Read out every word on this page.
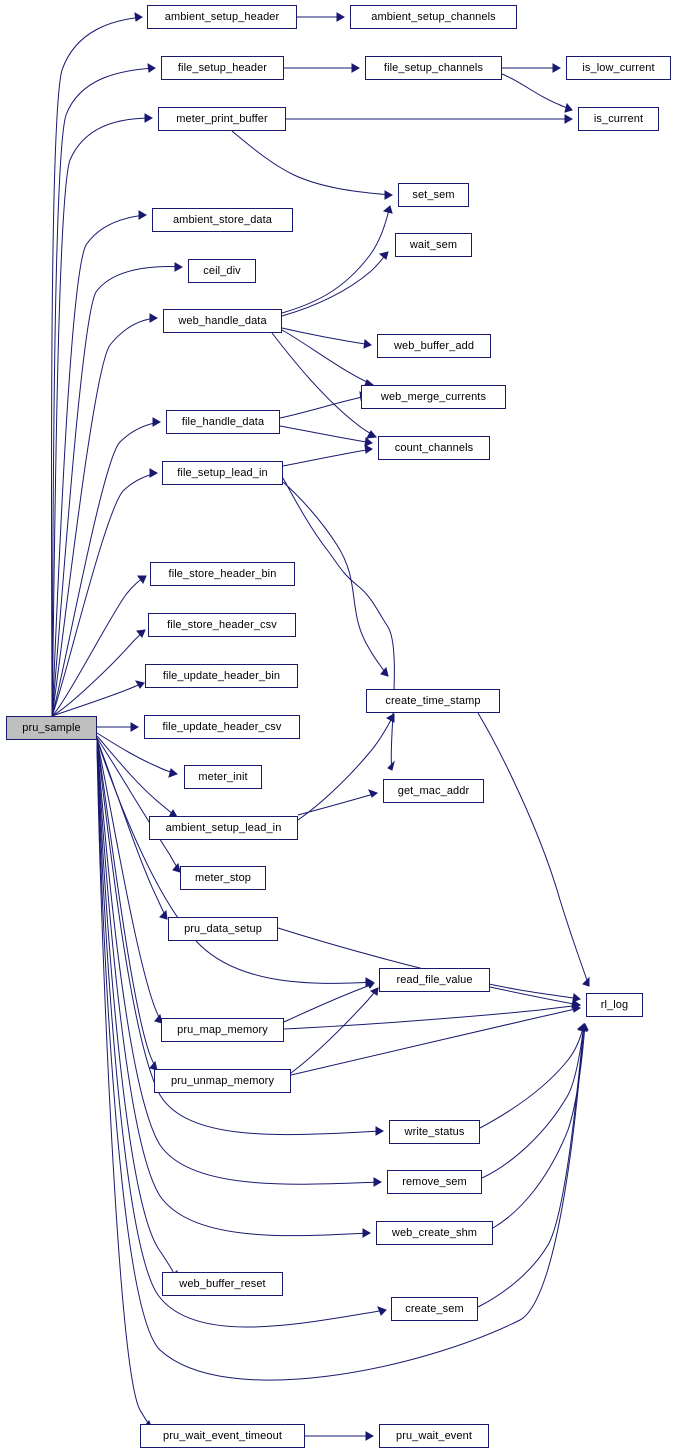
pru_sample
ambient_setup_header	ambient_setup_channels
file_setup_header	file_setup_channels	is_low_current
meter_print_buffer	is_current
set_sem
ambient_store_data
wait_sem
ceil_div
web_handle_data
web_buffer_add
web_merge_currents
file_handle_data
count_channels
file_setup_lead_in
file_store_header_bin
file_store_header_csv
file_update_header_bin
create_time_stamp
file_update_header_csv
meter_init
get_mac_addr
ambient_setup_lead_in
meter_stop
pru_data_setup
read_file_value
rl_log
pru_map_memory
pru_unmap_memory
write_status
remove_sem
web_create_shm
web_buffer_reset
create_sem
pru_wait_event_timeout	pru_wait_event
